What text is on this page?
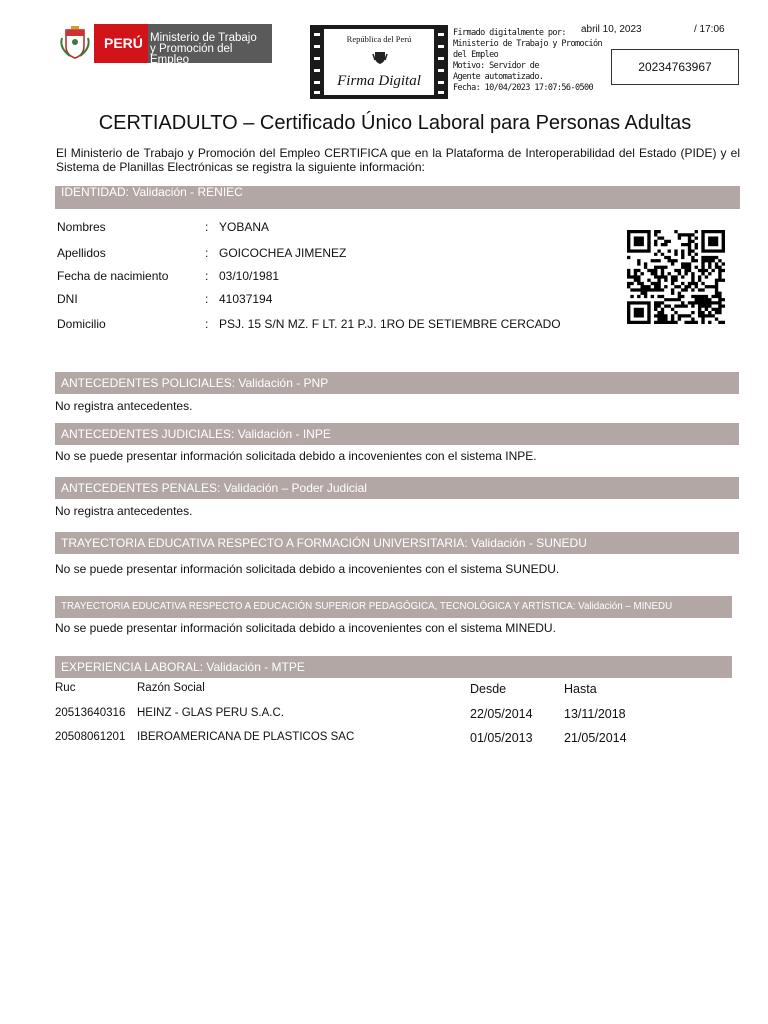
PERÚ Ministerio de Trabajo
y Promoción del Empleo
República del Perú
Firma Digital
Firmado digitalmente por:
Ministerio de Trabajo y Promoción
del Empleo
Motivo: Servidor de
Agente automatizado.
Fecha: 10/04/2023 17:07:56-0500
abril 10, 2023	/ 17:06
20234763967
CERTIADULTO – Certificado Único Laboral para Personas Adultas
El Ministerio de Trabajo y Promoción del Empleo CERTIFICA que en la Plataforma de Interoperabilidad del Estado (PIDE) y el Sistema de Planillas Electrónicas se registra la siguiente información:
IDENTIDAD: Validación - RENIEC
Nombres	: YOBANA
Apellidos	: GOICOCHEA JIMENEZ
Fecha de nacimiento	: 03/10/1981
DNI	: 41037194
Domicilio	: PSJ. 15 S/N MZ. F LT. 21 P.J. 1RO DE SETIEMBRE CERCADO
ANTECEDENTES POLICIALES: Validación - PNP
No registra antecedentes.
ANTECEDENTES JUDICIALES: Validación - INPE
No se puede presentar información solicitada debido a incovenientes con el sistema INPE.
ANTECEDENTES PENALES: Validación – Poder Judicial
No registra antecedentes.
TRAYECTORIA EDUCATIVA RESPECTO A FORMACIÓN UNIVERSITARIA: Validación - SUNEDU
No se puede presentar información solicitada debido a incovenientes con el sistema SUNEDU.
TRAYECTORIA EDUCATIVA RESPECTO A EDUCACIÓN SUPERIOR PEDAGÓGICA, TECNOLÓGICA Y ARTÍSTICA: Validación – MINEDU
No se puede presentar información solicitada debido a incovenientes con el sistema MINEDU.
EXPERIENCIA LABORAL: Validación - MTPE
Ruc	Razón Social	Desde	Hasta
20513640316 HEINZ - GLAS PERU S.A.C.	22/05/2014	13/11/2018
20508061201 IBEROAMERICANA DE PLASTICOS SAC	01/05/2013	21/05/2014
